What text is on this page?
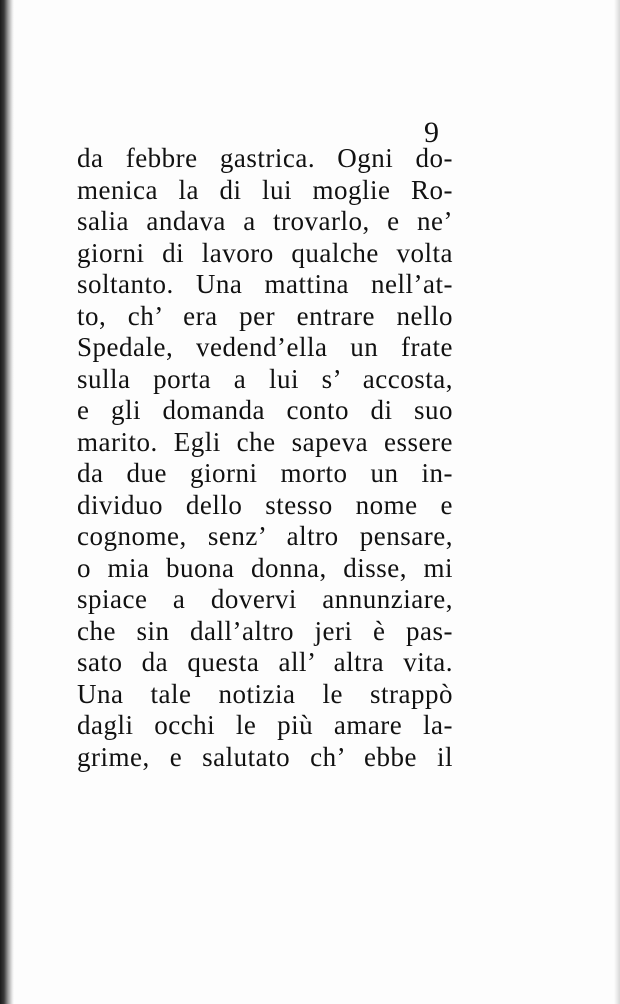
9
da febbre gastrica. Ogni do-
menica la di lui moglie Ro-
salia andava a trovarlo, e ne’
giorni di lavoro qualche volta
soltanto. Una mattina nell’at-
to, ch’ era per entrare nello
Spedale, vedend’ella un frate
sulla porta a lui s’ accosta,
e gli domanda conto di suo
marito. Egli che sapeva essere
da due giorni morto un in-
dividuo dello stesso nome e
cognome, senz’ altro pensare,
o mia buona donna, disse, mi
spiace a dovervi annunziare,
che sin dall’altro jeri è pas-
sato da questa all’ altra vita.
Una tale notizia le strappò
dagli occhi le più amare la-
grime, e salutato ch’ ebbe il
